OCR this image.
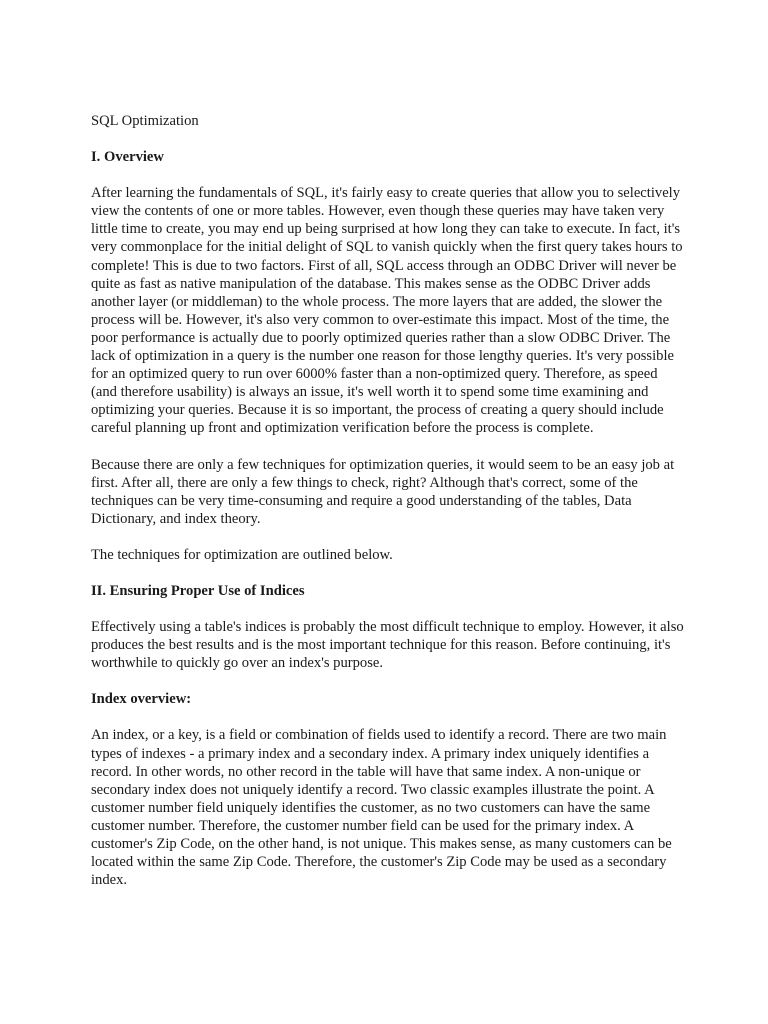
SQL Optimization

I. Overview

After learning the fundamentals of SQL, it's fairly easy to create queries that allow you to selectively view the contents of one or more tables. However, even though these queries may have taken very little time to create, you may end up being surprised at how long they can take to execute. In fact, it's very commonplace for the initial delight of SQL to vanish quickly when the first query takes hours to complete! This is due to two factors. First of all, SQL access through an ODBC Driver will never be quite as fast as native manipulation of the database. This makes sense as the ODBC Driver adds another layer (or middleman) to the whole process. The more layers that are added, the slower the process will be. However, it's also very common to over-estimate this impact. Most of the time, the poor performance is actually due to poorly optimized queries rather than a slow ODBC Driver. The lack of optimization in a query is the number one reason for those lengthy queries. It's very possible for an optimized query to run over 6000% faster than a non-optimized query. Therefore, as speed (and therefore usability) is always an issue, it's well worth it to spend some time examining and optimizing your queries. Because it is so important, the process of creating a query should include careful planning up front and optimization verification before the process is complete.

Because there are only a few techniques for optimization queries, it would seem to be an easy job at first. After all, there are only a few things to check, right? Although that's correct, some of the techniques can be very time-consuming and require a good understanding of the tables, Data Dictionary, and index theory.

The techniques for optimization are outlined below.

II. Ensuring Proper Use of Indices

Effectively using a table's indices is probably the most difficult technique to employ. However, it also produces the best results and is the most important technique for this reason. Before continuing, it's worthwhile to quickly go over an index's purpose.

Index overview:

An index, or a key, is a field or combination of fields used to identify a record. There are two main types of indexes - a primary index and a secondary index. A primary index uniquely identifies a record. In other words, no other record in the table will have that same index. A non-unique or secondary index does not uniquely identify a record. Two classic examples illustrate the point. A customer number field uniquely identifies the customer, as no two customers can have the same customer number. Therefore, the customer number field can be used for the primary index. A customer's Zip Code, on the other hand, is not unique. This makes sense, as many customers can be located within the same Zip Code. Therefore, the customer's Zip Code may be used as a secondary index.
